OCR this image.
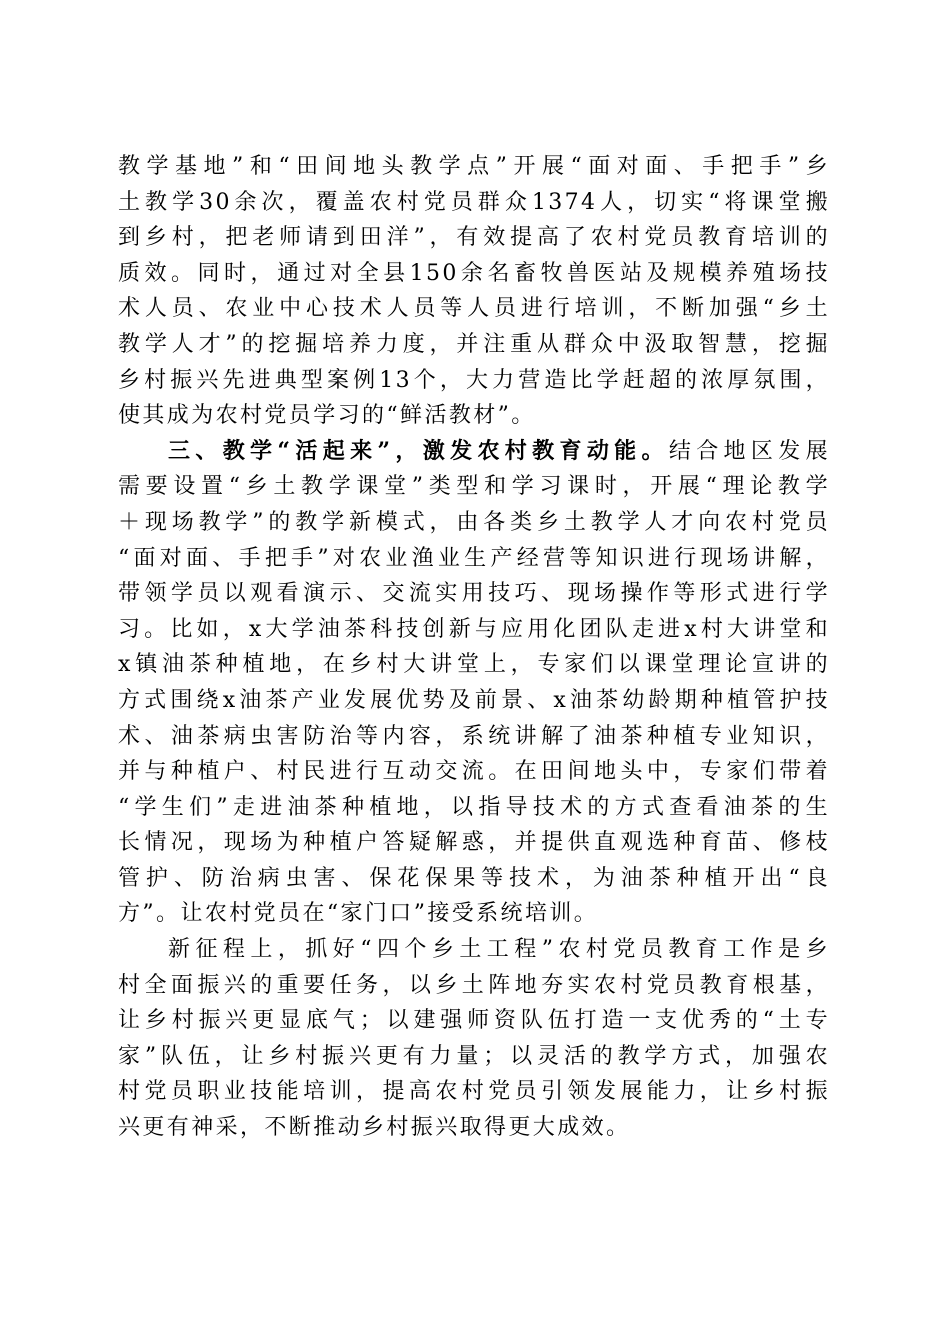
教学基地”和“田间地头教学点”开展“面对面、手把手”乡
土教学30余次，覆盖农村党员群众1374人，切实“将课堂搬
到乡村，把老师请到田洋”，有效提高了农村党员教育培训的
质效。同时，通过对全县150余名畜牧兽医站及规模养殖场技
术人员、农业中心技术人员等人员进行培训，不断加强“乡土
教学人才”的挖掘培养力度，并注重从群众中汲取智慧，挖掘
乡村振兴先进典型案例13个，大力营造比学赶超的浓厚氛围，
使其成为农村党员学习的“鲜活教材”。
三、教学“活起来”，激发农村教育动能。结合地区发展
需要设置“乡土教学课堂”类型和学习课时，开展“理论教学
＋现场教学”的教学新模式，由各类乡土教学人才向农村党员
“面对面、手把手”对农业渔业生产经营等知识进行现场讲解，
带领学员以观看演示、交流实用技巧、现场操作等形式进行学
习。比如，x大学油茶科技创新与应用化团队走进x村大讲堂和
x镇油茶种植地，在乡村大讲堂上，专家们以课堂理论宣讲的
方式围绕x油茶产业发展优势及前景、x油茶幼龄期种植管护技
术、油茶病虫害防治等内容，系统讲解了油茶种植专业知识，
并与种植户、村民进行互动交流。在田间地头中，专家们带着
“学生们”走进油茶种植地，以指导技术的方式查看油茶的生
长情况，现场为种植户答疑解惑，并提供直观选种育苗、修枝
管护、防治病虫害、保花保果等技术，为油茶种植开出“良
方”。让农村党员在“家门口”接受系统培训。
新征程上，抓好“四个乡土工程”农村党员教育工作是乡
村全面振兴的重要任务，以乡土阵地夯实农村党员教育根基，
让乡村振兴更显底气；以建强师资队伍打造一支优秀的“土专
家”队伍，让乡村振兴更有力量；以灵活的教学方式，加强农
村党员职业技能培训，提高农村党员引领发展能力，让乡村振
兴更有神采，不断推动乡村振兴取得更大成效。
